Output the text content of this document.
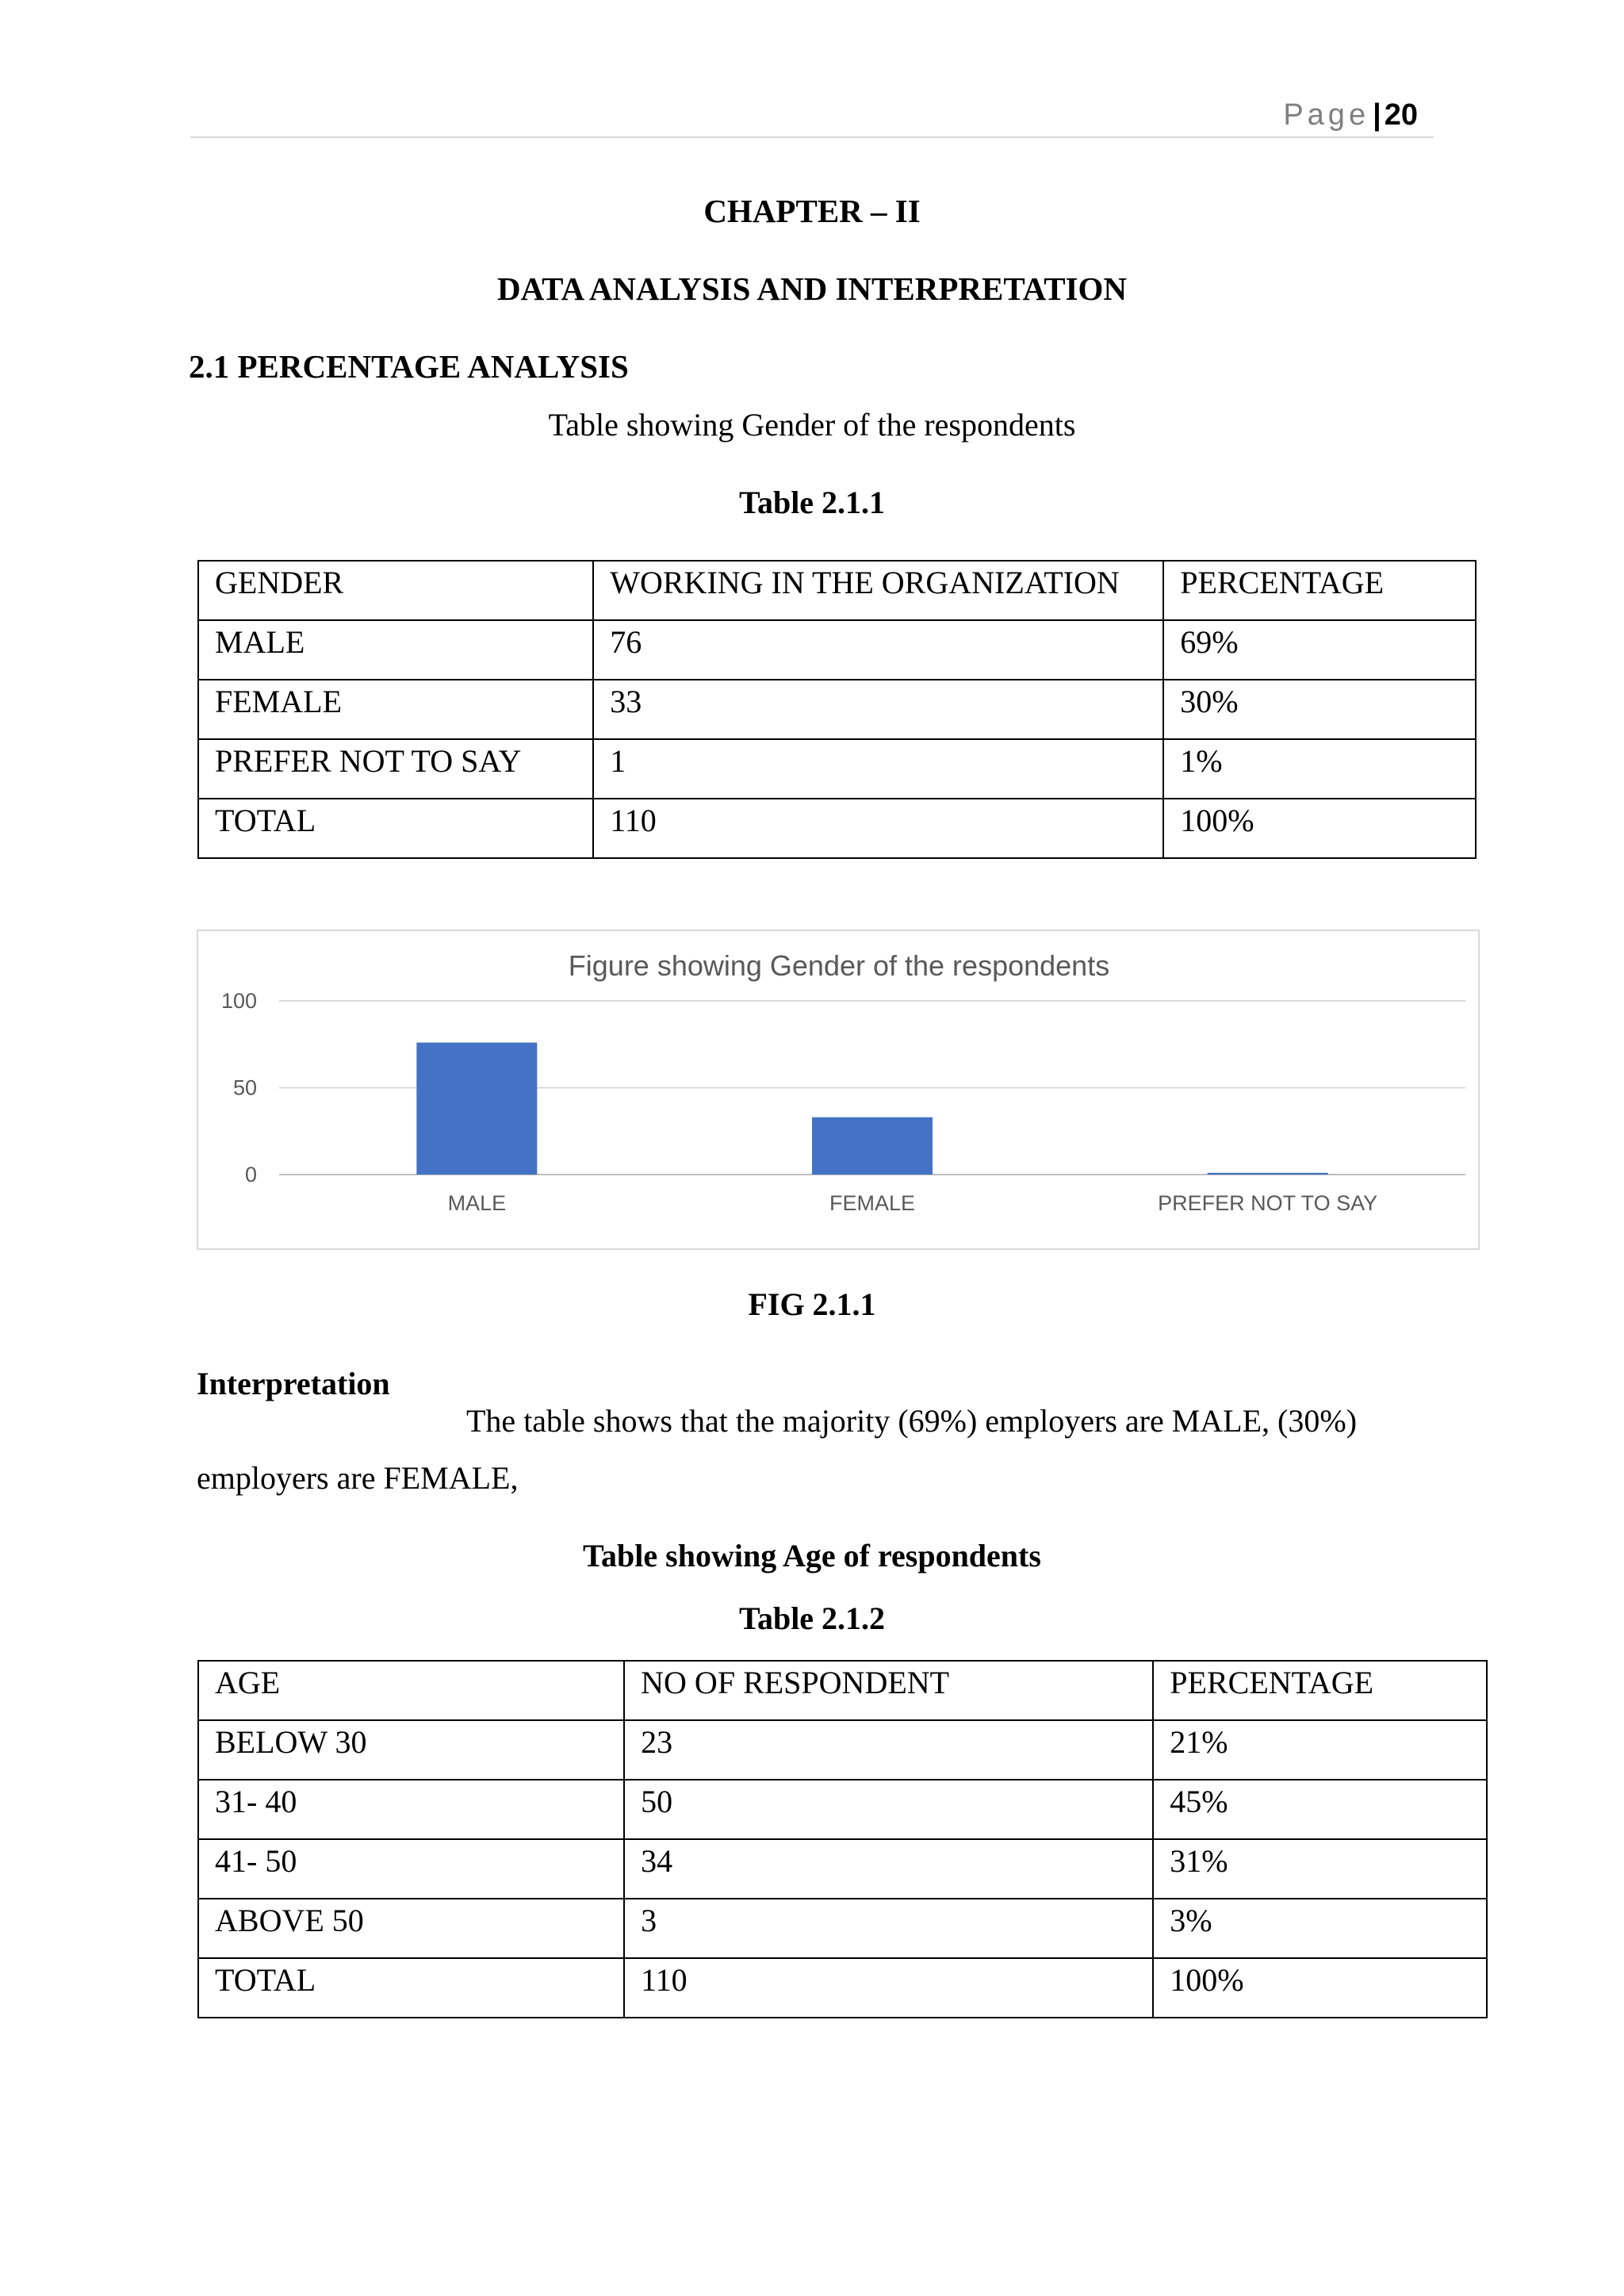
Page | 20
CHAPTER – II
DATA ANALYSIS AND INTERPRETATION
2.1 PERCENTAGE ANALYSIS
Table showing Gender of the respondents
Table 2.1.1
GENDER	WORKING IN THE ORGANIZATION	PERCENTAGE
MALE	76	69%
FEMALE	33	30%
PREFER NOT TO SAY	1	1%
TOTAL	110	100%
Figure showing Gender of the respondents
0
50
100
MALE	FEMALE	PREFER NOT TO SAY
FIG 2.1.1
Interpretation
The table shows that the majority (69%) employers are MALE, (30%)
employers are FEMALE,
Table showing Age of respondents
Table 2.1.2
AGE	NO OF RESPONDENT	PERCENTAGE
BELOW 30	23	21%
31- 40	50	45%
41- 50	34	31%
ABOVE 50	3	3%
TOTAL	110	100%
